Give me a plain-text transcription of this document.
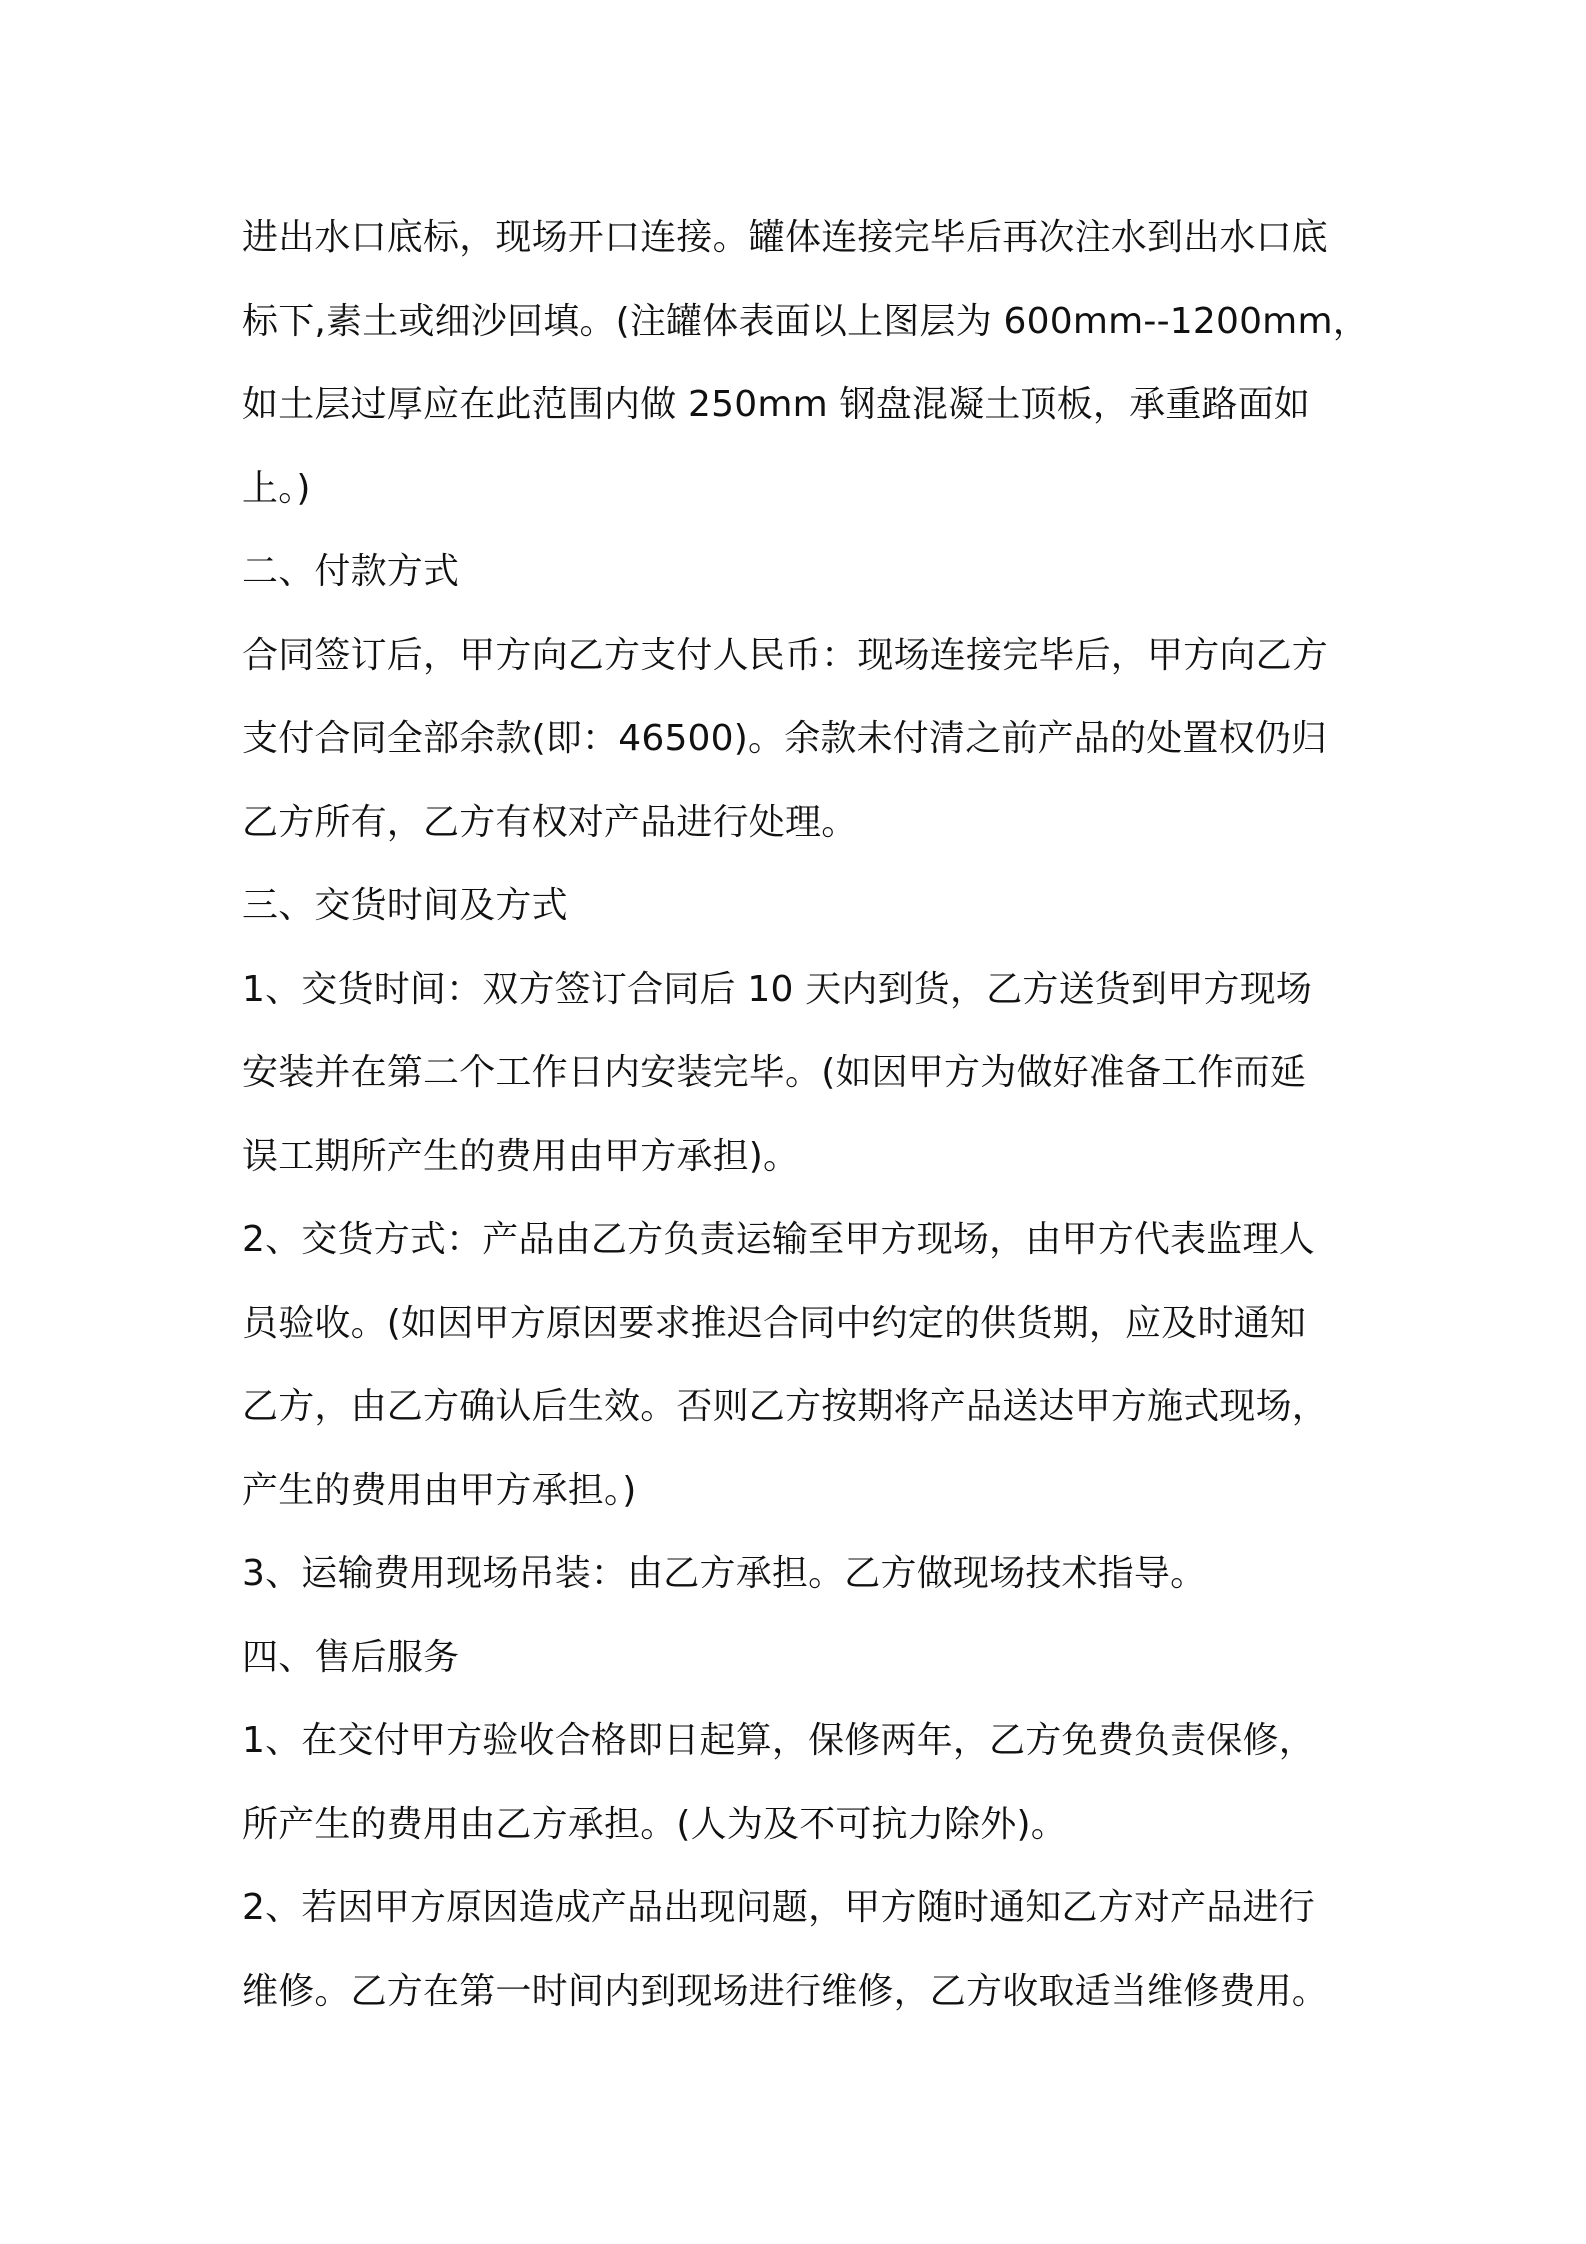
进出水口底标，现场开口连接。罐体连接完毕后再次注水到出水口底
标下,素土或细沙回填。(注罐体表面以上图层为 600mm--1200mm，
如土层过厚应在此范围内做 250mm 钢盘混凝土顶板，承重路面如
上。)
二、付款方式
合同签订后，甲方向乙方支付人民币：现场连接完毕后，甲方向乙方
支付合同全部余款(即：46500)。余款未付清之前产品的处置权仍归
乙方所有，乙方有权对产品进行处理。
三、交货时间及方式
1、交货时间：双方签订合同后 10 天内到货，乙方送货到甲方现场
安装并在第二个工作日内安装完毕。(如因甲方为做好准备工作而延
误工期所产生的费用由甲方承担)。
2、交货方式：产品由乙方负责运输至甲方现场，由甲方代表监理人
员验收。(如因甲方原因要求推迟合同中约定的供货期，应及时通知
乙方，由乙方确认后生效。否则乙方按期将产品送达甲方施式现场，
产生的费用由甲方承担。)
3、运输费用现场吊装：由乙方承担。乙方做现场技术指导。
四、售后服务
1、在交付甲方验收合格即日起算，保修两年，乙方免费负责保修，
所产生的费用由乙方承担。(人为及不可抗力除外)。
2、若因甲方原因造成产品出现问题，甲方随时通知乙方对产品进行
维修。乙方在第一时间内到现场进行维修，乙方收取适当维修费用。
